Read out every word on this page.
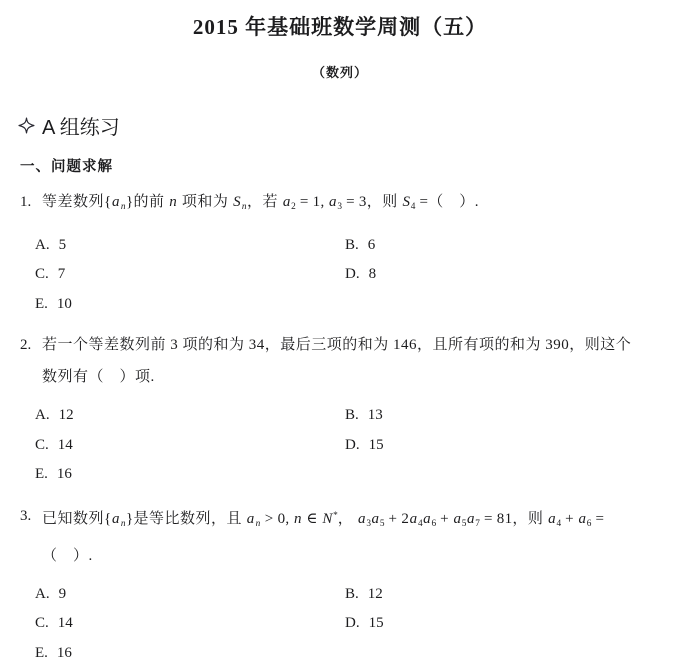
2015 年基础班数学周测（五）
（数列）
A 组练习
一、问题求解
1. 等差数列$\{a_n\}$的前 n 项和为 $S_n$，若 $a_2 = 1$, $a_3 = 3$，则 $S_4$ =（　）.
A. 5	B. 6
C. 7	D. 8
E. 10
2. 若一个等差数列前 3 项的和为 34，最后三项的和为 146，且所有项的和为 390，则这个
数列有（　）项.
A. 12	B. 13
C. 14	D. 15
E. 16
3. 已知数列$\{a_n\}$是等比数列，且 $a_n > 0$, n ∈ N*， $a_3a_5 + 2a_4a_6 + a_5a_7 = 81$，则 $a_4 + a_6$ =
（　）.
A. 9	B. 12
C. 14	D. 15
E. 16
